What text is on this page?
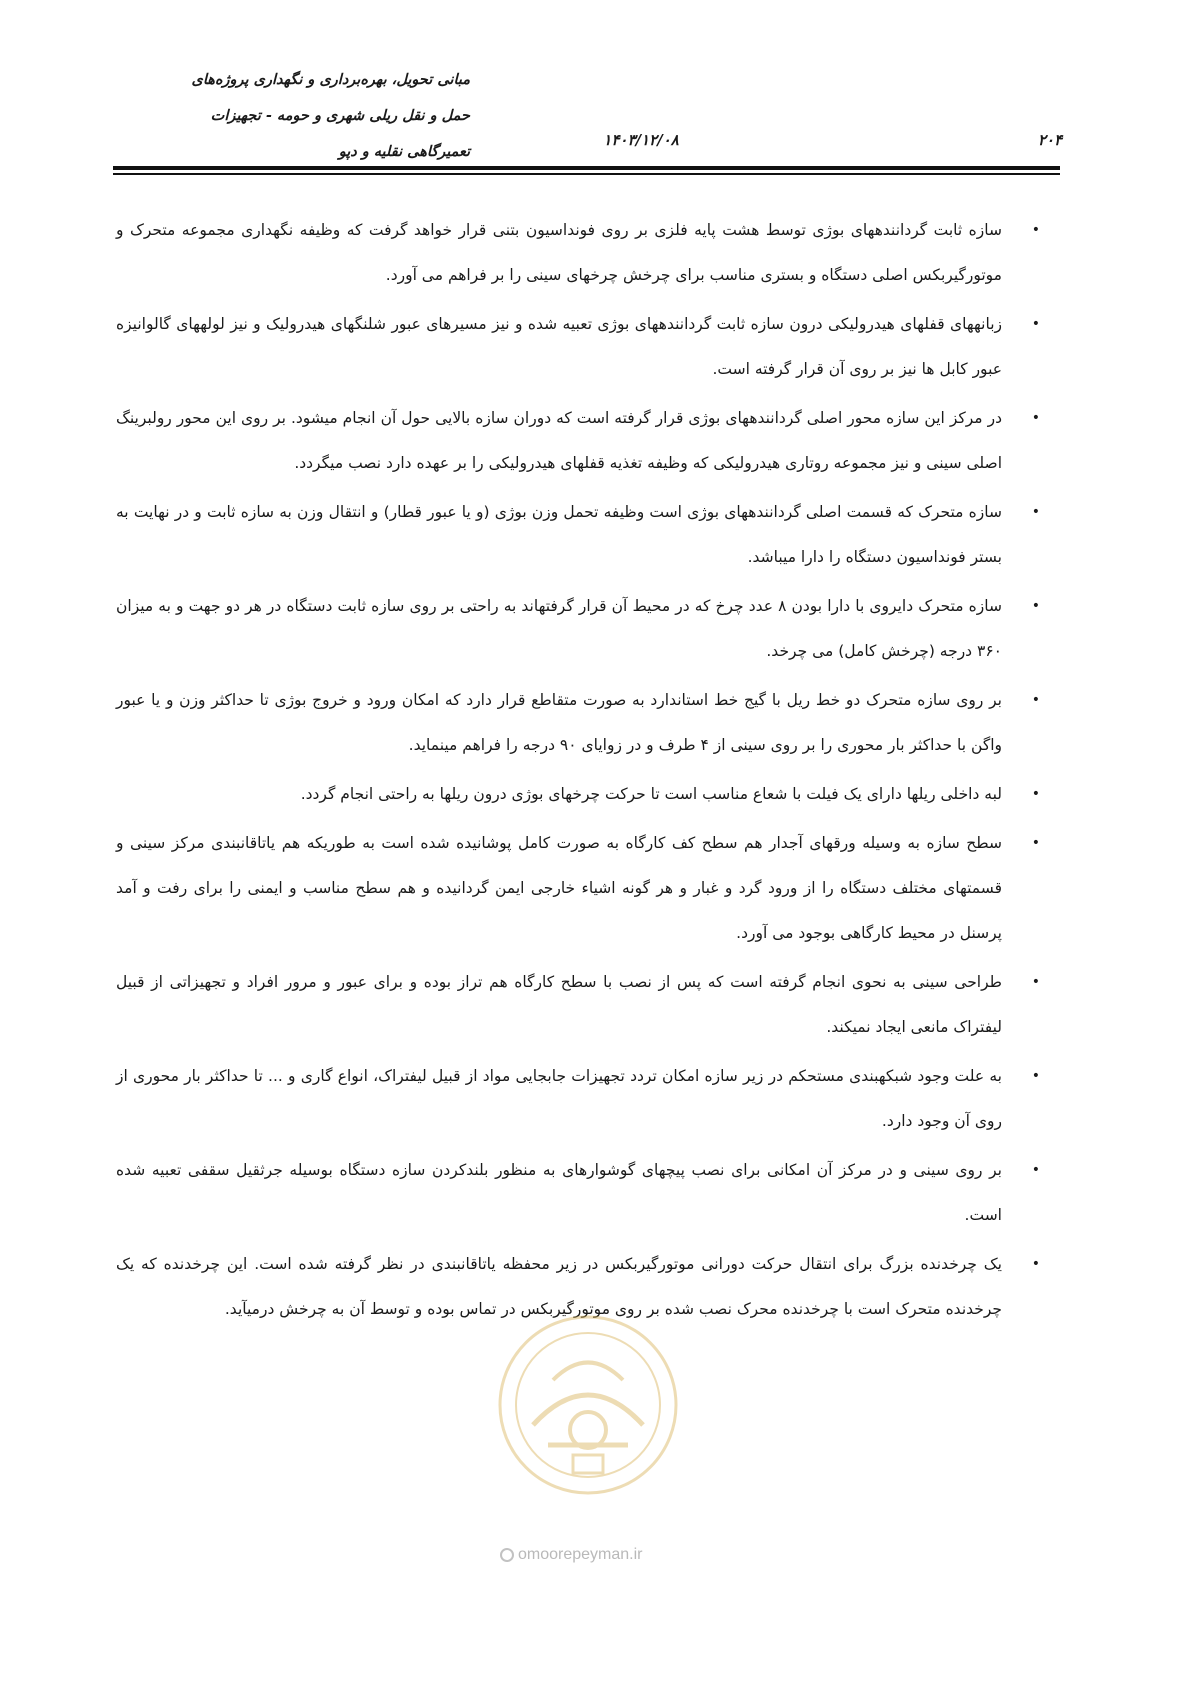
۲۰۴
۱۴۰۳/۱۲/۰۸
مبانی تحویل، بهره‌برداری و نگهداری پروژه‌های
حمل و نقل ریلی شهری و حومه - تجهیزات
تعمیرگاهی نقلیه و دپو
•
سازه ثابت گردانندههای بوژی توسط هشت پایه فلزی بر روی فونداسیون بتنی قرار خواهد گرفت که وظیفه نگهداری مجموعه متحرک و موتورگیربکس اصلی دستگاه و بستری مناسب برای چرخش چرخهای سینی را بر فراهم می آورد.
•
زبانههای قفلهای هیدرولیکی درون سازه ثابت گردانندههای بوژی تعبیه شده و نیز مسیرهای عبور شلنگهای هیدرولیک و نیز لولههای گالوانیزه عبور کابل ها نیز بر روی آن قرار گرفته است.
•
در مرکز این سازه محور اصلی گردانندههای بوژی قرار گرفته است که دوران سازه بالایی حول آن انجام میشود. بر روی این محور رولبرینگ اصلی سینی و نیز مجموعه روتاری هیدرولیکی که وظیفه تغذیه قفلهای هیدرولیکی را بر عهده دارد نصب میگردد.
•
سازه متحرک که قسمت اصلی گردانندههای بوژی است وظیفه تحمل وزن بوژی (و یا عبور قطار) و انتقال وزن به سازه ثابت و در نهایت به بستر فونداسیون دستگاه را دارا میباشد.
•
سازه متحرک دایروی با دارا بودن ۸ عدد چرخ که در محیط آن قرار گرفتهاند به راحتی بر روی سازه ثابت دستگاه در هر دو جهت و به میزان ۳۶۰ درجه (چرخش کامل) می چرخد.
•
بر روی سازه متحرک دو خط ریل با گیج خط استاندارد به صورت متقاطع قرار دارد که امکان ورود و خروج بوژی تا حداکثر وزن و یا عبور واگن با حداکثر بار محوری را بر روی سینی از ۴ طرف و در زوایای ۹۰ درجه را فراهم مینماید.
•
لبه داخلی ریلها دارای یک فیلت با شعاع مناسب است تا حرکت چرخهای بوژی درون ریلها به راحتی انجام گردد.
•
سطح سازه به وسیله ورقهای آجدار هم سطح کف کارگاه به صورت کامل پوشانیده شده است به طوریکه هم یاتاقانبندی مرکز سینی و قسمتهای مختلف دستگاه را از ورود گرد و غبار و هر گونه اشیاء خارجی ایمن گردانیده و هم سطح مناسب و ایمنی را برای رفت و آمد پرسنل در محیط کارگاهی بوجود می آورد.
•
طراحی سینی به نحوی انجام گرفته است که پس از نصب با سطح کارگاه هم تراز بوده و برای عبور و مرور افراد و تجهیزاتی از قبیل لیفتراک مانعی ایجاد نمیکند.
•
به علت وجود شبکهبندی مستحکم در زیر سازه امکان تردد تجهیزات جابجایی مواد از قبیل لیفتراک، انواع گاری و ... تا حداکثر بار محوری از روی آن وجود دارد.
•
بر روی سینی و در مرکز آن امکانی برای نصب پیچهای گوشوارهای به منظور بلندکردن سازه دستگاه بوسیله جرثقیل سقفی تعبیه شده است.
•
یک چرخدنده بزرگ برای انتقال حرکت دورانی موتورگیربکس در زیر محفظه یاتاقانبندی در نظر گرفته شده است. این چرخدنده که یک چرخدنده متحرک است با چرخدنده محرک نصب شده بر روی موتورگیربکس در تماس بوده و توسط آن به چرخش درمیآید.
omoorepeyman.ir
